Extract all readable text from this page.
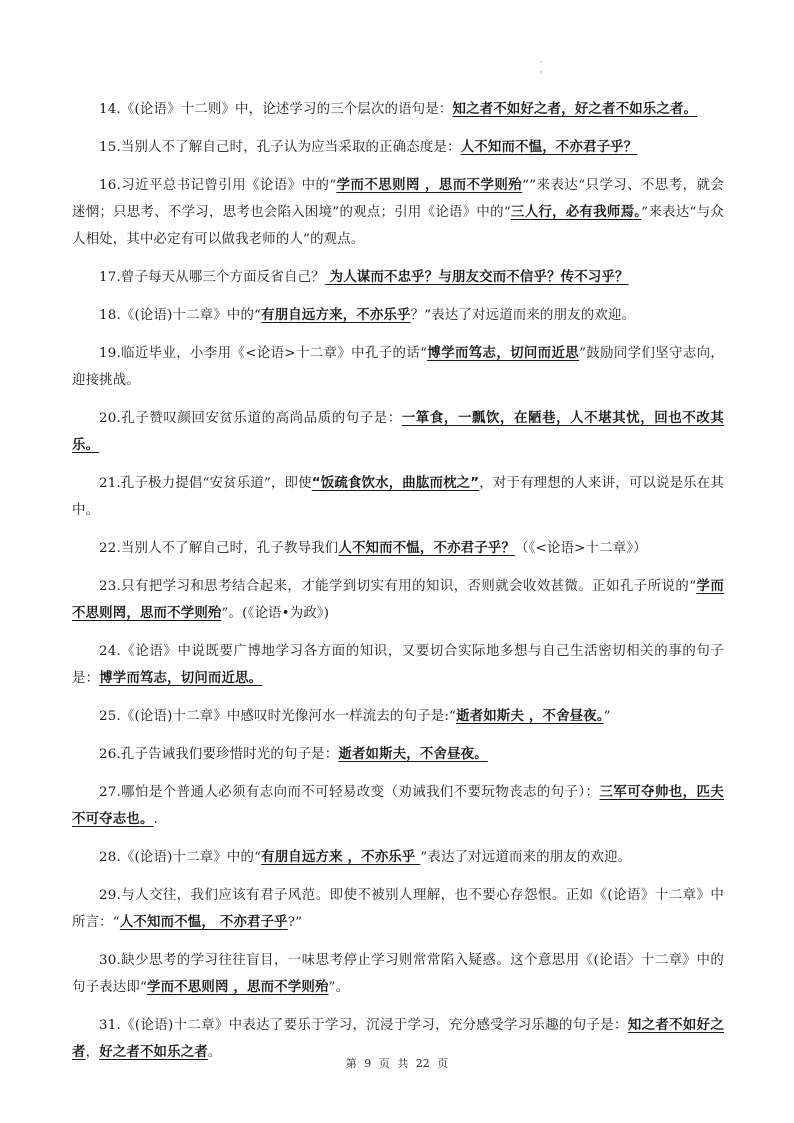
·
·

14.《(论语》十二则》中，论述学习的三个层次的语句是：知之者不如好之者，好之者不如乐之者。

15.当别人不了解自己时，孔子认为应当采取的正确态度是：人不知而不愠，不亦君子乎？

16.习近平总书记曾引用《论语》中的“学而不思则罔 ，思而不学则殆””来表达“只学习、不思考，就会迷惘；只思考、不学习，思考也会陷入困境”的观点；引用《论语》中的“三人行，必有我师焉。”来表达“与众人相处，其中必定有可以做我老师的人”的观点。

17.曾子每天从哪三个方面反省自己？ 为人谋而不忠乎？与朋友交而不信乎？传不习乎？

18.《(论语)十二章》中的“有朋自远方来，不亦乐乎？”表达了对远道而来的朋友的欢迎。

19.临近毕业，小李用《<论语>十二章》中孔子的话“博学而笃志，切问而近思”鼓励同学们坚守志向，迎接挑战。

20.孔子赞叹颜回安贫乐道的高尚品质的句子是：一箪食，一瓢饮，在陋巷，人不堪其忧，回也不改其乐。

21.孔子极力提倡“安贫乐道”，即使“饭疏食饮水，曲肱而枕之”，对于有理想的人来讲，可以说是乐在其中。

22.当别人不了解自己时，孔子教导我们人不知而不愠，不亦君子乎？（《<论语>十二章》）

23.只有把学习和思考结合起来，才能学到切实有用的知识，否则就会收效甚微。正如孔子所说的“学而不思则罔，思而不学则殆”。(《论语•为政》)

24.《论语》中说既要广博地学习各方面的知识，又要切合实际地多想与自己生活密切相关的事的句子是：博学而笃志，切问而近思。

25.《(论语)十二章》中感叹时光像河水一样流去的句子是:“逝者如斯夫 ，不舍昼夜。”

26.孔子告诫我们要珍惜时光的句子是：逝者如斯夫，不舍昼夜。

27.哪怕是个普通人必须有志向而不可轻易改变（劝诫我们不要玩物丧志的句子）：三军可夺帅也，匹夫不可夺志也。.

28.《(论语)十二章》中的“有朋自远方来 ，不亦乐乎 ”表达了对远道而来的朋友的欢迎。

29.与人交往，我们应该有君子风范。即使不被别人理解，也不要心存怨恨。正如《(论语》十二章》中所言：“人不知而不愠， 不亦君子乎?”

30.缺少思考的学习往往盲目，一味思考停止学习则常常陷入疑惑。这个意思用《(论语〉十二章》中的句子表达即“学而不思则罔 ，思而不学则殆”。

31.《(论语)十二章》中表达了要乐于学习，沉浸于学习，充分感受学习乐趣的句子是：知之者不如好之者，好之者不如乐之者。

第 9 页 共 22 页
